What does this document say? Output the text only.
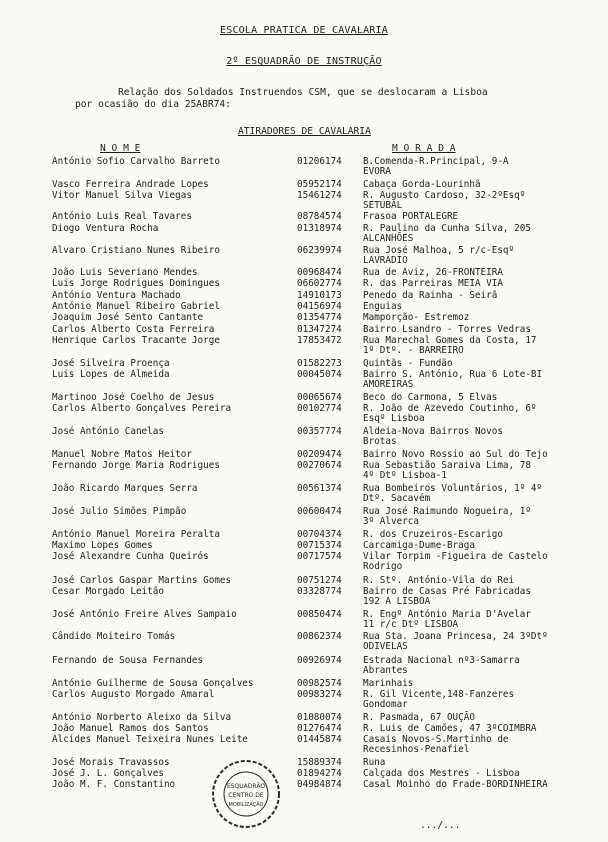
ESCOLA PRATICA DE CAVALARIA
2º ESQUADRÃO DE INSTRUÇÃO
Relação dos Soldados Instruendos CSM, que se deslocaram a Lisboa
por ocasião do dia 25ABR74:
ATIRADORES DE CAVALARIA
N O M E	M O R A D A
António Sofio Carvalho Barreto	01206174 B.Comenda-R.Principal, 9-A
EVORA
Vasco Ferreira Andrade Lopes	05952174 Cabaça Gorda-Lourinhã
Vitor Manuel Silva Viegas	15461274 R. Augusto Cardoso, 32-2ºEsqº
SETUBAL
António Luis Real Tavares	08784574 Frasoa PORTALEGRE
Diogo Ventura Rocha	01318974 R. Paulino da Cunha Silva, 205
ALCANHÕES
Alvaro Cristiano Nunes Ribeiro	06239974 Rua José Malhoa, 5 r/c-Esqº
LAVRADIO
João Luis Severiano Mendes	00968474 Rua de Aviz, 26-FRONTEIRA
Luis Jorge Rodrigues Domingues	06602774 R. das Parreiras MEIA VIA
António Ventura Machado	14910173 Penedo da Rainha - Seirã
António Manuel Ribeiro Gabriel	04156974 Enguias
Joaquim José Sento Cantante	01354774 Mamporção- Estremoz
Carlos Alberto Costa Ferreira	01347274 Bairro Lsandro - Torres Vedras
Henrique Carlos Tracante Jorge	17853472 Rua Marechal Gomes da Costa, 17
1º Dtº. - BARREIRO
José Silveira Proença	01582273 Quintãs - Fundão
Luis Lopes de Almeida	00045074 Bairro S. António, Rua 6 Lote-BI
AMOREIRAS
Martinoo José Coelho de Jesus	00065674 Beco do Carmona, 5 Elvas
Carlos Alberto Gonçalves Pereira	00102774 R. João de Azevedo Coutinho, 6º
Esqº Lisboa
José António Canelas	00357774 Aldeia-Nova Bairros Novos
Brotas
Manuel Nobre Matos Heitor	00209474 Bairro Novo Rossio ao Sul do Tejo
Fernando Jorge Maria Rodrigues	00270674 Rua Sebastião Saraiva Lima, 78
4º Dtº Lisboa-1
João Ricardo Marques Serra	00561374 Rua Bombeiros Voluntários, 1º 4º
Dtº. Sacavém
José Julio Simões Pimpão	00600474 Rua José Raimundo Nogueira, 1º
3º Alverca
António Manuel Moreira Peralta	00704374 R. dos Cruzeiros-Escarigo
Maximo Lopes Gomes	00715374 Carcamiga-Dume-Braga
José Alexandre Cunha Queirós	00717574 Vilar Torpim -Figueira de Castelo
Rodrigo
José Carlos Gaspar Martins Gomes	00751274 R. Stº. António-Vila do Rei
Cesar Morgado Leitão	03328774 Bairro de Casas Pré Fabricadas
192 A LISBOA
José António Freire Alves Sampaio	00850474 R. Engº António Maria D'Avelar
11 r/c Dtº LISBOA
Cândido Moiteiro Tomás	00862374 Rua Sta. Joana Princesa, 24 3ºDtº
ODIVELAS
Fernando de Sousa Fernandes	00926974 Estrada Nacional nº3-Samarra
Abrantes
António Guilherme de Sousa Gonçalves	00982574 Marinhais
Carlos Augusto Morgado Amaral	00983274 R. Gil Vicente,148-Fanzeres
Gondomar
António Norberto Aleixo da Silva	01080074 R. Pasmada, 67 OUÇÃO
João Manuel Ramos dos Santos	01276474 R. Luis de Camões, 47 3ºCOIMBRA
Alcides Manuel Teixeira Nunes Leite	01445874 Casais Novos-S.Martinho de
Recesinhos-Penafiel
José Morais Travassos	15889374 Runa
José J. L. Gonçalves	01894274 Calçada dos Mestres - Lisboa
João M. F. Constantino	04984874 Casal Moinho do Frade-BORDINHEIRA
ESQUADRÃO
CENTRO DE
MOBILIZAÇÃO
.../...
